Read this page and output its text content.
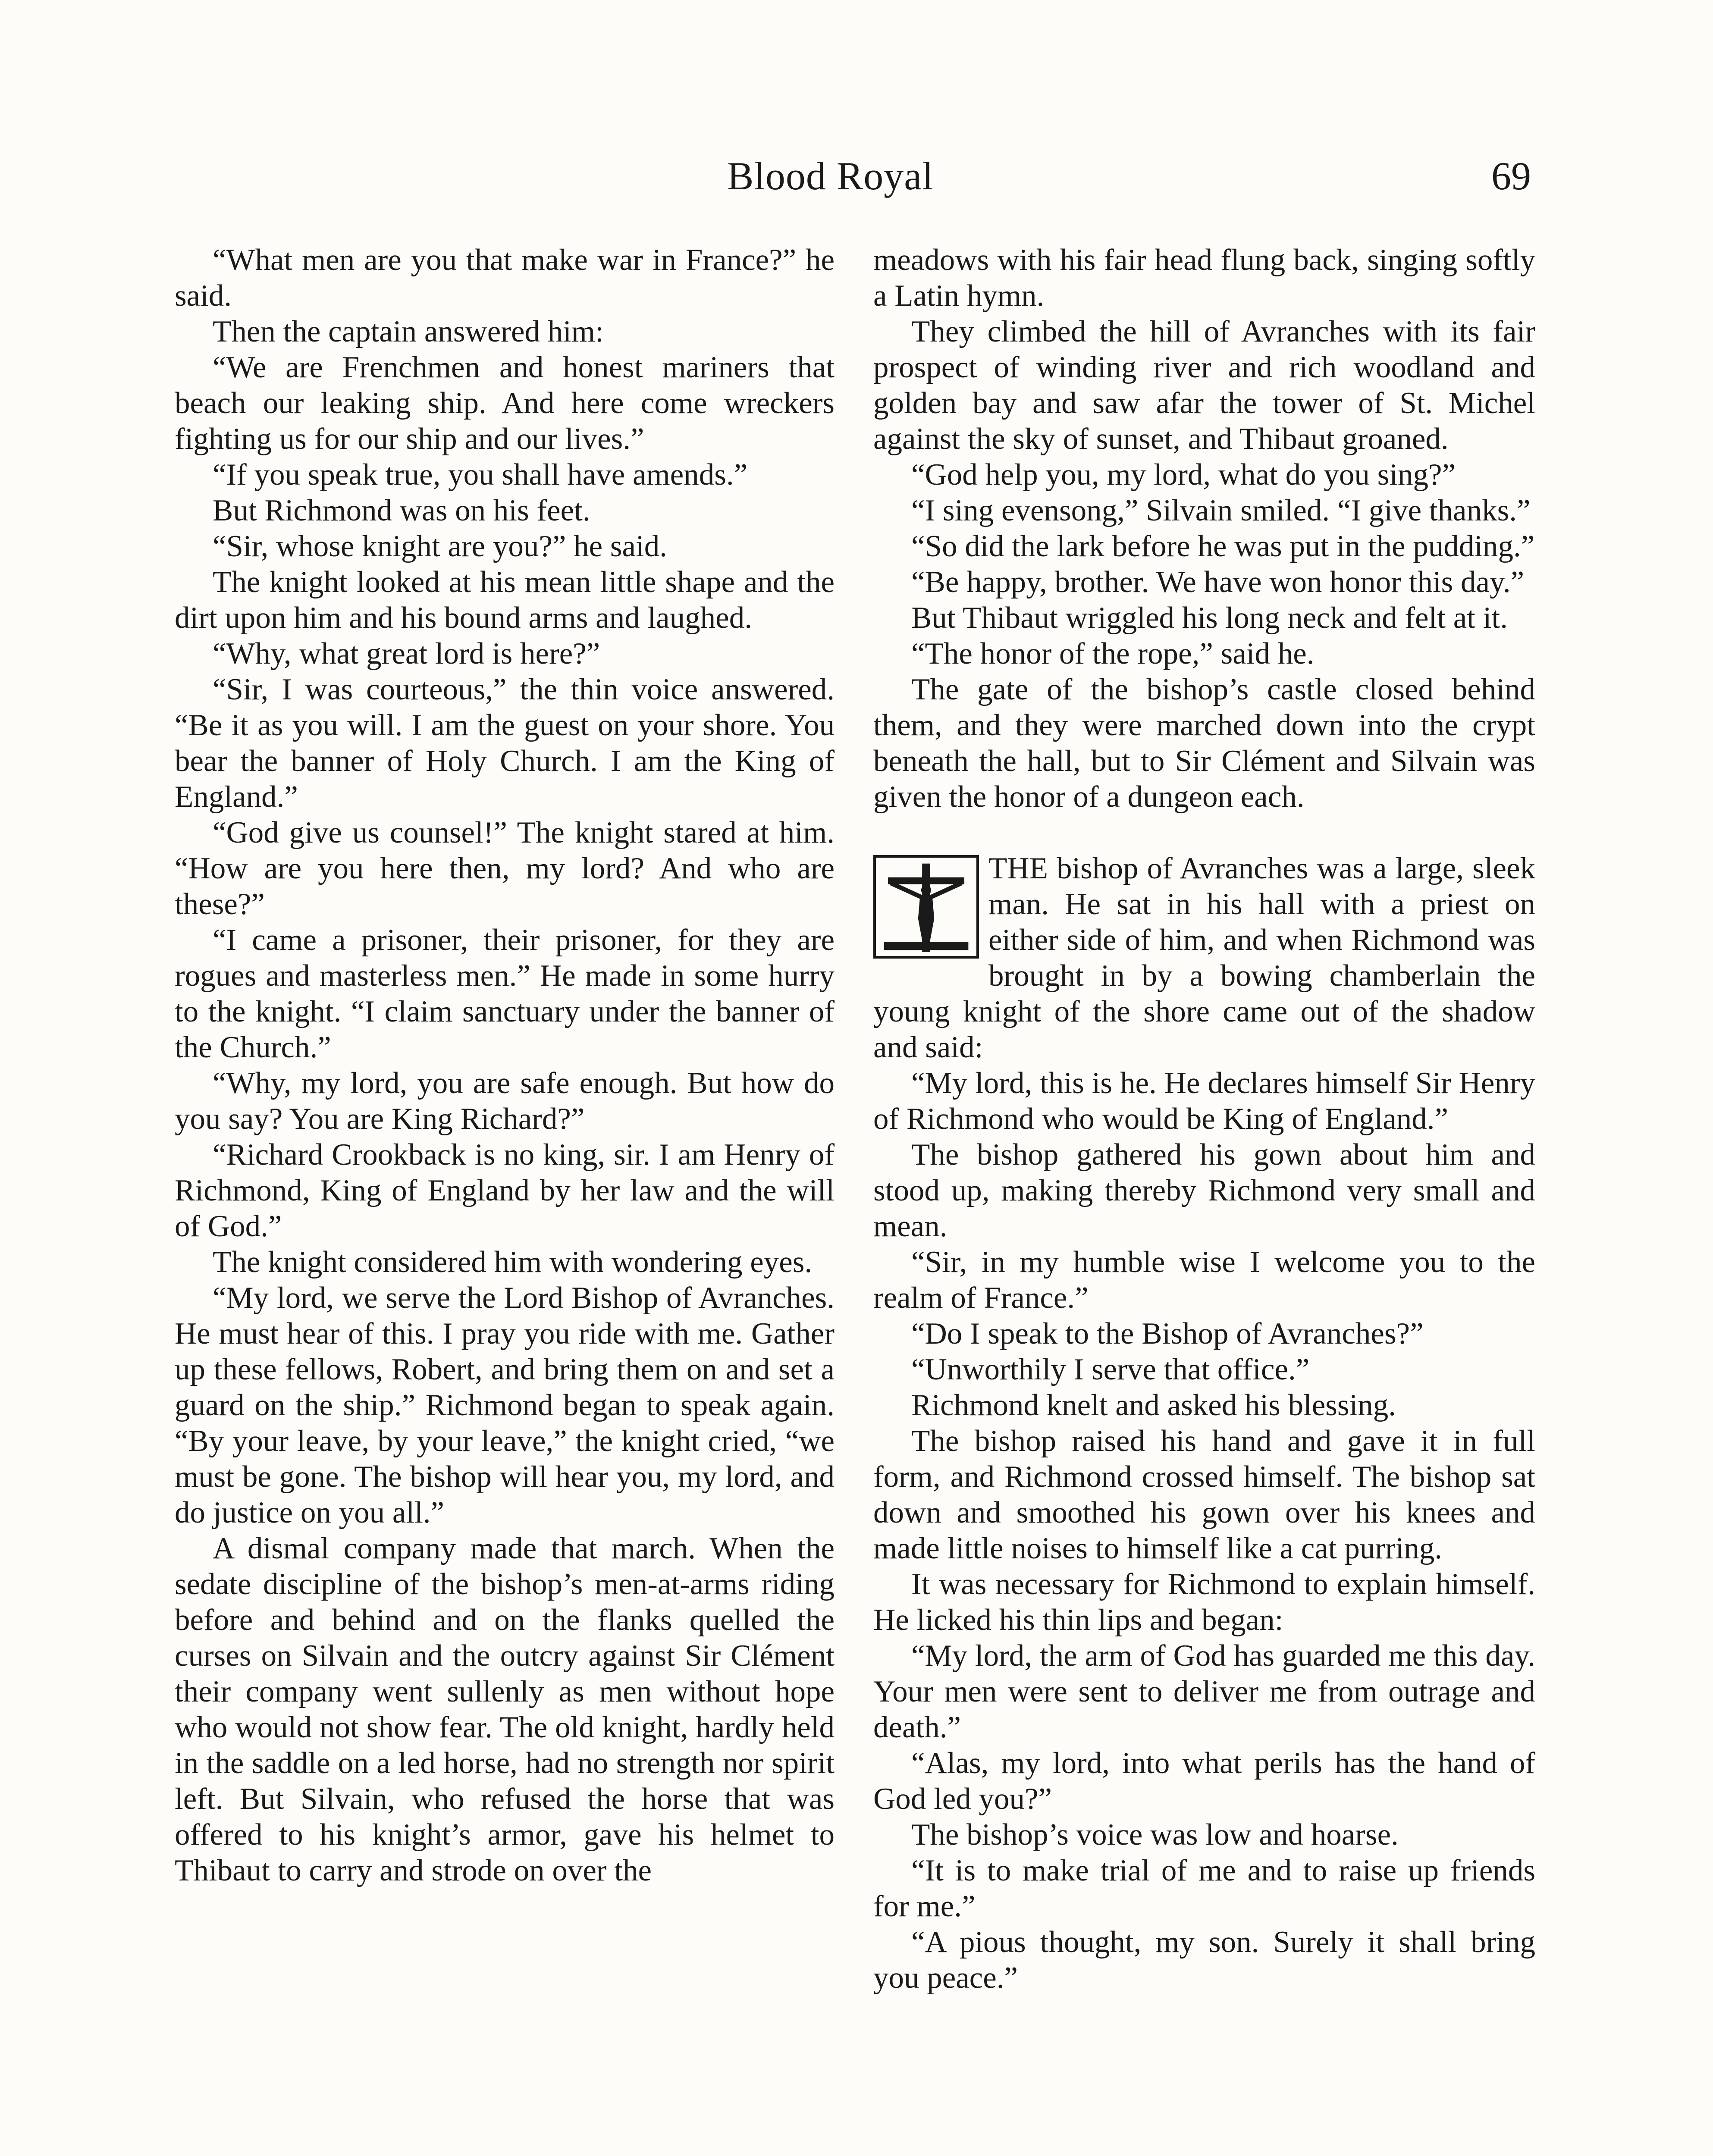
Blood Royal	69

“What men are you that make war in France?” he said.

Then the captain answered him:

“We are Frenchmen and honest mariners that beach our leaking ship. And here come wreckers fighting us for our ship and our lives.”

“If you speak true, you shall have amends.”

But Richmond was on his feet.

“Sir, whose knight are you?” he said.

The knight looked at his mean little shape and the dirt upon him and his bound arms and laughed.

“Why, what great lord is here?”

“Sir, I was courteous,” the thin voice answered. “Be it as you will. I am the guest on your shore. You bear the banner of Holy Church. I am the King of England.”

“God give us counsel!” The knight stared at him. “How are you here then, my lord? And who are these?”

“I came a prisoner, their prisoner, for they are rogues and masterless men.” He made in some hurry to the knight. “I claim sanctuary under the banner of the Church.”

“Why, my lord, you are safe enough. But how do you say? You are King Richard?”

“Richard Crookback is no king, sir. I am Henry of Richmond, King of England by her law and the will of God.”

The knight considered him with wondering eyes.

“My lord, we serve the Lord Bishop of Avranches. He must hear of this. I pray you ride with me. Gather up these fellows, Robert, and bring them on and set a guard on the ship.” Richmond began to speak again. “By your leave, by your leave,” the knight cried, “we must be gone. The bishop will hear you, my lord, and do justice on you all.”

A dismal company made that march. When the sedate discipline of the bishop’s men-at-arms riding before and behind and on the flanks quelled the curses on Silvain and the outcry against Sir Clément their company went sullenly as men without hope who would not show fear. The old knight, hardly held in the saddle on a led horse, had no strength nor spirit left. But Silvain, who refused the horse that was offered to his knight’s armor, gave his helmet to Thibaut to carry and strode on over the

meadows with his fair head flung back, singing softly a Latin hymn.

They climbed the hill of Avranches with its fair prospect of winding river and rich woodland and golden bay and saw afar the tower of St. Michel against the sky of sunset, and Thibaut groaned.

“God help you, my lord, what do you sing?”

“I sing evensong,” Silvain smiled. “I give thanks.”

“So did the lark before he was put in the pudding.”

“Be happy, brother. We have won honor this day.”

But Thibaut wriggled his long neck and felt at it.

“The honor of the rope,” said he.

The gate of the bishop’s castle closed behind them, and they were marched down into the crypt beneath the hall, but to Sir Clément and Silvain was given the honor of a dungeon each.

THE bishop of Avranches was a large, sleek man. He sat in his hall with a priest on either side of him, and when Richmond was brought in by a bowing chamberlain the young knight of the shore came out of the shadow and said:

“My lord, this is he. He declares himself Sir Henry of Richmond who would be King of England.”

The bishop gathered his gown about him and stood up, making thereby Richmond very small and mean.

“Sir, in my humble wise I welcome you to the realm of France.”

“Do I speak to the Bishop of Avranches?”

“Unworthily I serve that office.”

Richmond knelt and asked his blessing.

The bishop raised his hand and gave it in full form, and Richmond crossed himself. The bishop sat down and smoothed his gown over his knees and made little noises to himself like a cat purring.

It was necessary for Richmond to explain himself. He licked his thin lips and began:

“My lord, the arm of God has guarded me this day. Your men were sent to deliver me from outrage and death.”

“Alas, my lord, into what perils has the hand of God led you?”

The bishop’s voice was low and hoarse.

“It is to make trial of me and to raise up friends for me.”

“A pious thought, my son. Surely it shall bring you peace.”
